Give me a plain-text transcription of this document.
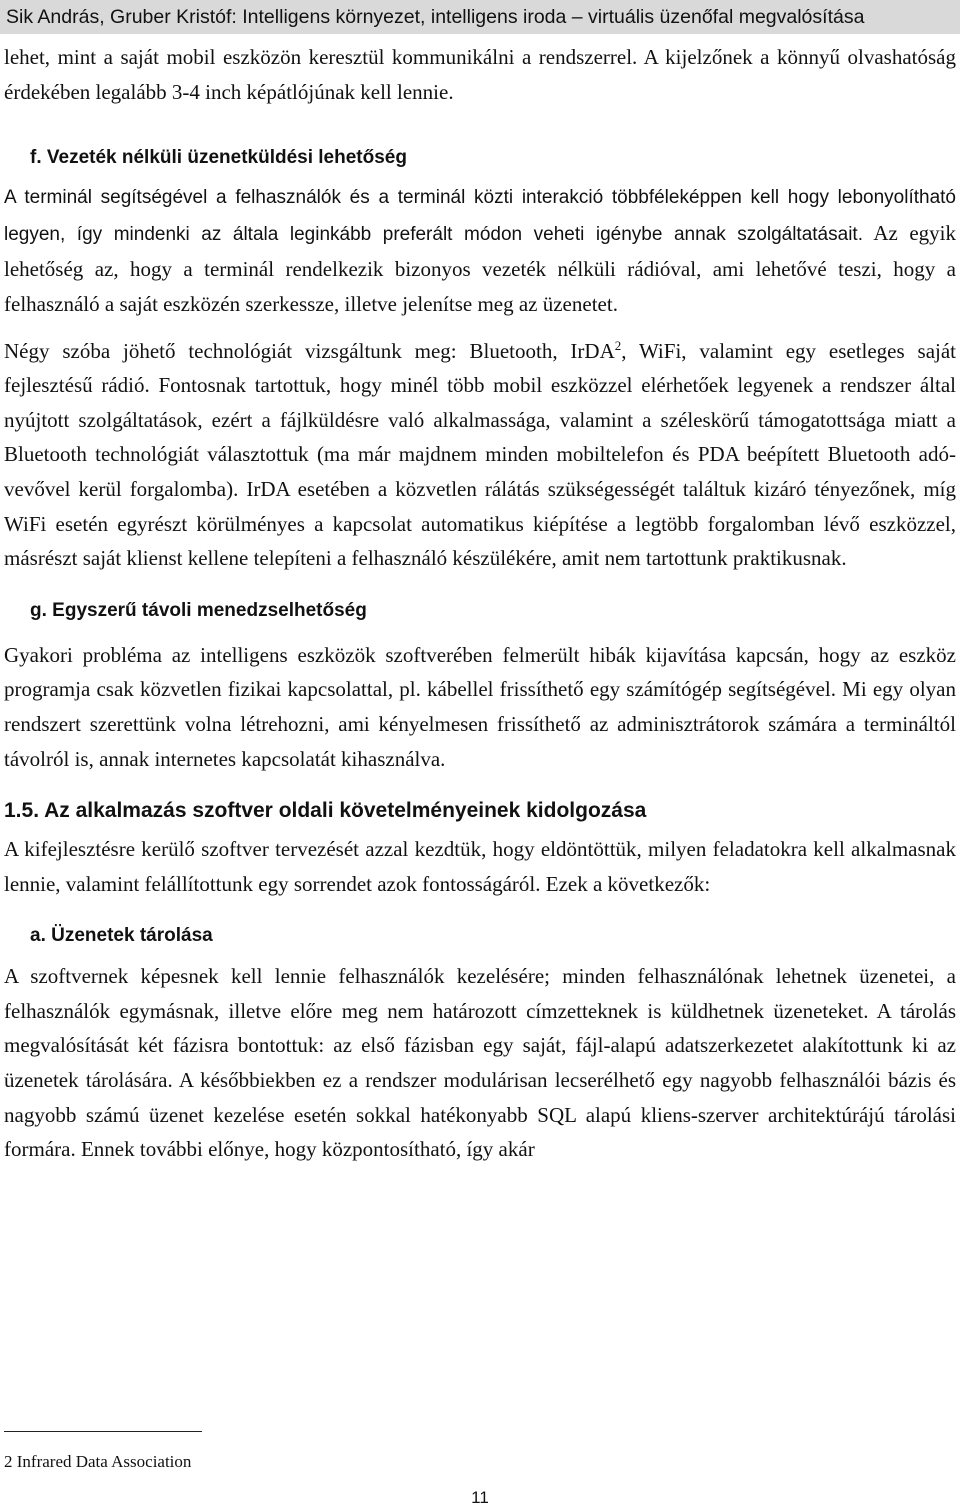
Sik András, Gruber Kristóf: Intelligens környezet, intelligens iroda – virtuális üzenőfal megvalósítása

lehet, mint a saját mobil eszközön keresztül kommunikálni a rendszerrel. A kijelzőnek a könnyű olvashatóság érdekében legalább 3-4 inch képátlójúnak kell lennie.

f. Vezeték nélküli üzenetküldési lehetőség

A terminál segítségével a felhasználók és a terminál közti interakció többféleképpen kell hogy lebonyolítható legyen, így mindenki az általa leginkább preferált módon veheti igénybe annak szolgáltatásait. Az egyik lehetőség az, hogy a terminál rendelkezik bizonyos vezeték nélküli rádióval, ami lehetővé teszi, hogy a felhasználó a saját eszközén szerkessze, illetve jelenítse meg az üzenetet.

Négy szóba jöhető technológiát vizsgáltunk meg: Bluetooth, IrDA$^2$, WiFi, valamint egy esetleges saját fejlesztésű rádió. Fontosnak tartottuk, hogy minél több mobil eszközzel elérhetőek legyenek a rendszer által nyújtott szolgáltatások, ezért a fájlküldésre való alkalmassága, valamint a széleskörű támogatottsága miatt a Bluetooth technológiát választottuk (ma már majdnem minden mobiltelefon és PDA beépített Bluetooth adó-vevővel kerül forgalomba). IrDA esetében a közvetlen rálátás szükségességét találtuk kizáró tényezőnek, míg WiFi esetén egyrészt körülményes a kapcsolat automatikus kiépítése a legtöbb forgalomban lévő eszközzel, másrészt saját klienst kellene telepíteni a felhasználó készülékére, amit nem tartottunk praktikusnak.

g. Egyszerű távoli menedzselhetőség

Gyakori probléma az intelligens eszközök szoftverében felmerült hibák kijavítása kapcsán, hogy az eszköz programja csak közvetlen fizikai kapcsolattal, pl. kábellel frissíthető egy számítógép segítségével. Mi egy olyan rendszert szerettünk volna létrehozni, ami kényelmesen frissíthető az adminisztrátorok számára a termináltól távolról is, annak internetes kapcsolatát kihasználva.

1.5. Az alkalmazás szoftver oldali követelményeinek kidolgozása

A kifejlesztésre kerülő szoftver tervezését azzal kezdtük, hogy eldöntöttük, milyen feladatokra kell alkalmasnak lennie, valamint felállítottunk egy sorrendet azok fontosságáról. Ezek a következők:

a. Üzenetek tárolása

A szoftvernek képesnek kell lennie felhasználók kezelésére; minden felhasználónak lehetnek üzenetei, a felhasználók egymásnak, illetve előre meg nem határozott címzetteknek is küldhetnek üzeneteket. A tárolás megvalósítását két fázisra bontottuk: az első fázisban egy saját, fájl-alapú adatszerkezetet alakítottunk ki az üzenetek tárolására. A későbbiekben ez a rendszer modulárisan lecserélhető egy nagyobb felhasználói bázis és nagyobb számú üzenet kezelése esetén sokkal hatékonyabb SQL alapú kliens-szerver architektúrájú tárolási formára. Ennek további előnye, hogy központosítható, így akár

2 Infrared Data Association
11
